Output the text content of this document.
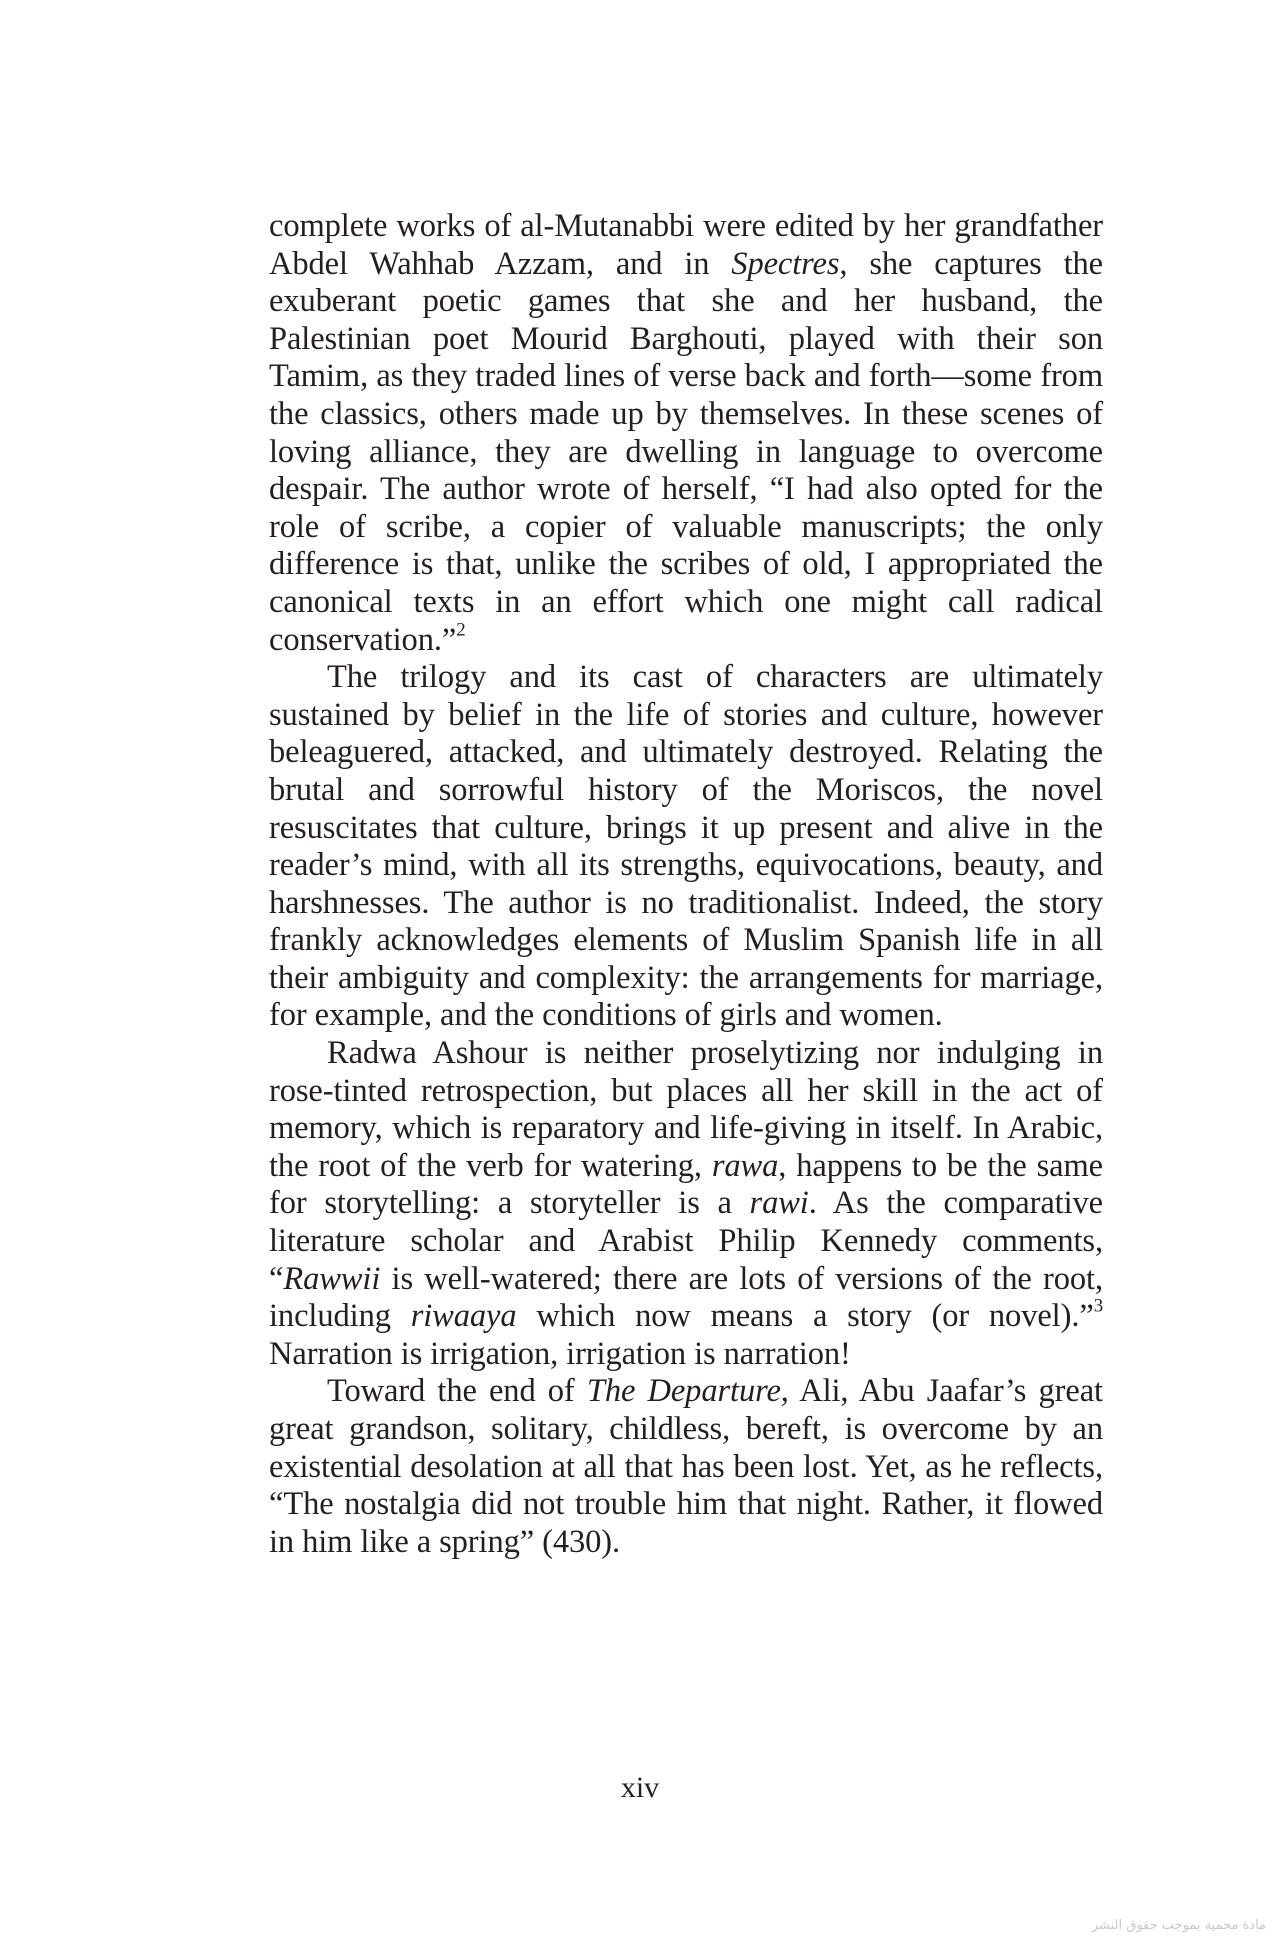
complete works of al-Mutanabbi were edited by her grandfather Abdel Wahhab Azzam, and in Spectres, she captures the exuberant poetic games that she and her husband, the Palestinian poet Mourid Barghouti, played with their son Tamim, as they traded lines of verse back and forth—some from the classics, others made up by themselves. In these scenes of loving alliance, they are dwelling in language to overcome despair. The author wrote of herself, “I had also opted for the role of scribe, a copier of valuable manuscripts; the only difference is that, unlike the scribes of old, I appropriated the canonical texts in an effort which one might call radical conservation.”$^2$

The trilogy and its cast of characters are ultimately sustained by belief in the life of stories and culture, however beleaguered, attacked, and ultimately destroyed. Relating the brutal and sorrowful history of the Moriscos, the novel resuscitates that culture, brings it up present and alive in the reader’s mind, with all its strengths, equivocations, beauty, and harshnesses. The author is no traditionalist. Indeed, the story frankly acknowledges elements of Muslim Spanish life in all their ambiguity and complexity: the arrangements for marriage, for example, and the conditions of girls and women.

Radwa Ashour is neither proselytizing nor indulging in rose-tinted retrospection, but places all her skill in the act of memory, which is reparatory and life-giving in itself. In Arabic, the root of the verb for watering, rawa, happens to be the same for storytelling: a storyteller is a rawi. As the comparative literature scholar and Arabist Philip Kennedy comments, “Rawwii is well-watered; there are lots of versions of the root, including riwaaya which now means a story (or novel).”$^3$ Narration is irrigation, irrigation is narration!

Toward the end of The Departure, Ali, Abu Jaafar’s great great grandson, solitary, childless, bereft, is overcome by an existential desolation at all that has been lost. Yet, as he reflects, “The nostalgia did not trouble him that night. Rather, it flowed in him like a spring” (430).

xiv
مادة محمية بموجب حقوق النشر
